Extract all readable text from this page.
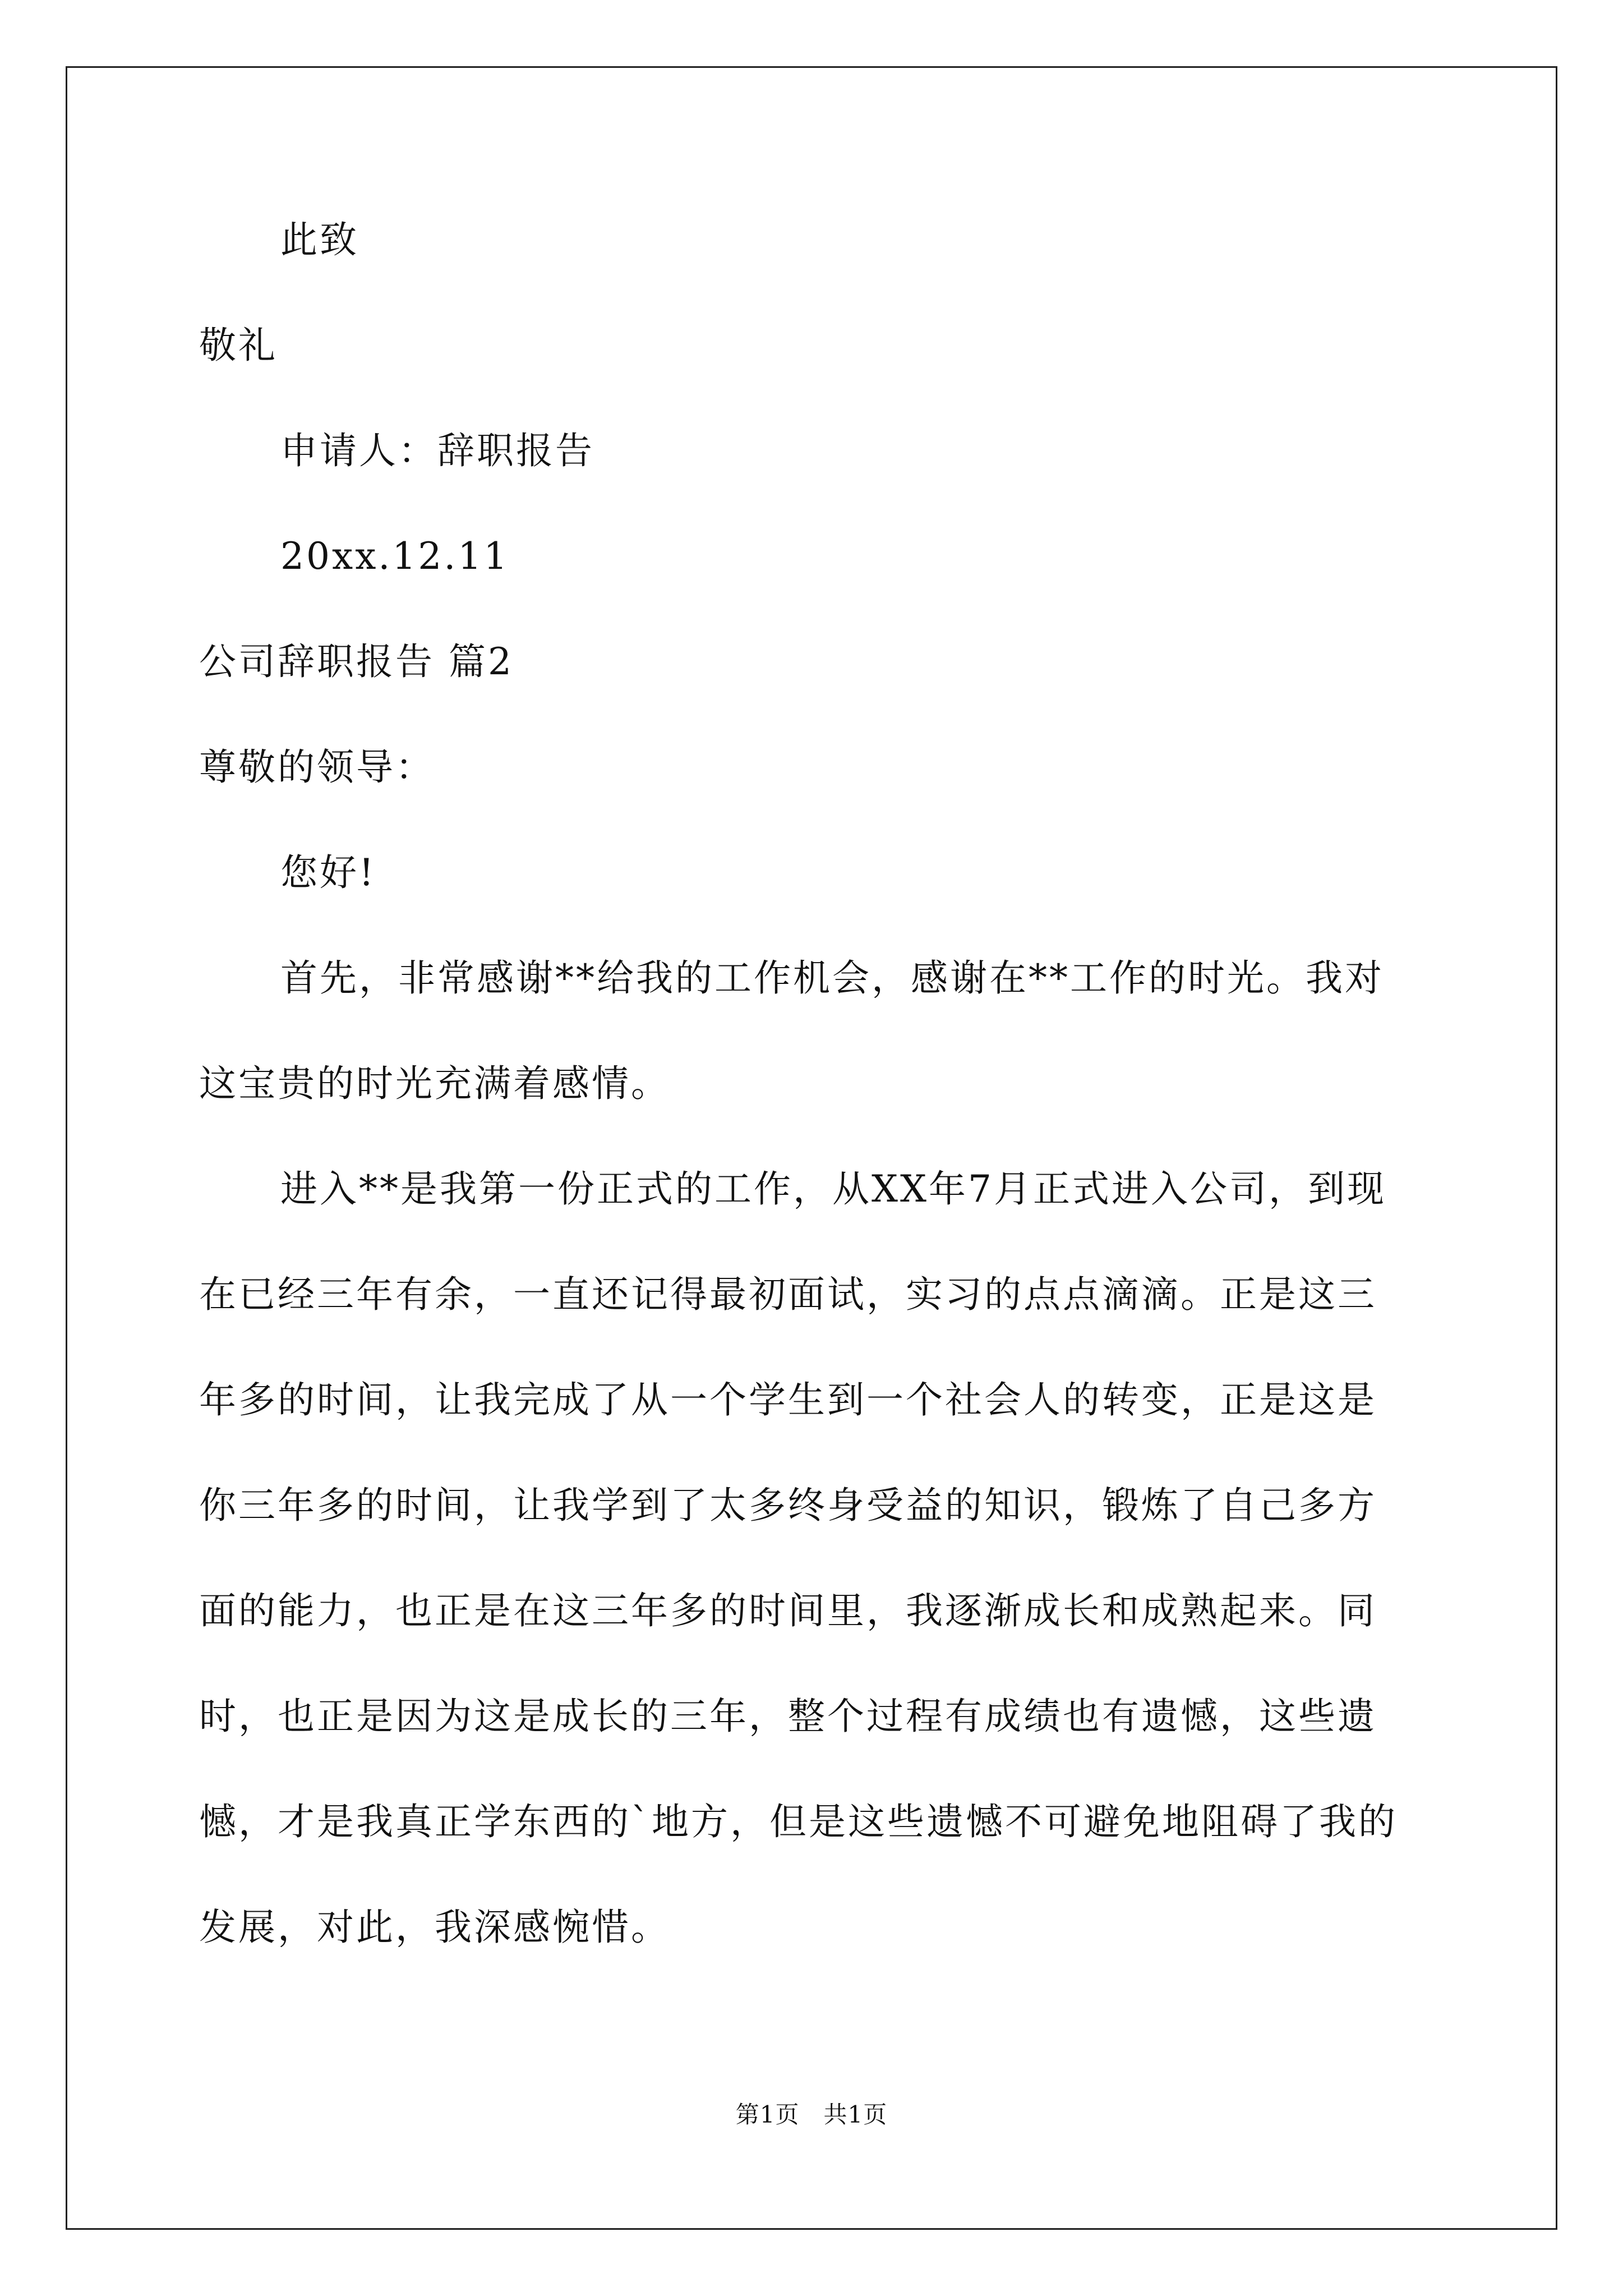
此致
敬礼
申请人：辞职报告
20xx.12.11
公司辞职报告 篇2
尊敬的领导：
您好!
首先，非常感谢**给我的工作机会，感谢在**工作的时光。我对
这宝贵的时光充满着感情。
进入**是我第一份正式的工作，从XX年7月正式进入公司，到现
在已经三年有余，一直还记得最初面试，实习的点点滴滴。正是这三
年多的时间，让我完成了从一个学生到一个社会人的转变，正是这是
你三年多的时间，让我学到了太多终身受益的知识，锻炼了自己多方
面的能力，也正是在这三年多的时间里，我逐渐成长和成熟起来。同
时，也正是因为这是成长的三年，整个过程有成绩也有遗憾，这些遗
憾，才是我真正学东西的`地方，但是这些遗憾不可避免地阻碍了我的
发展，对此，我深感惋惜。
第1页　共1页
